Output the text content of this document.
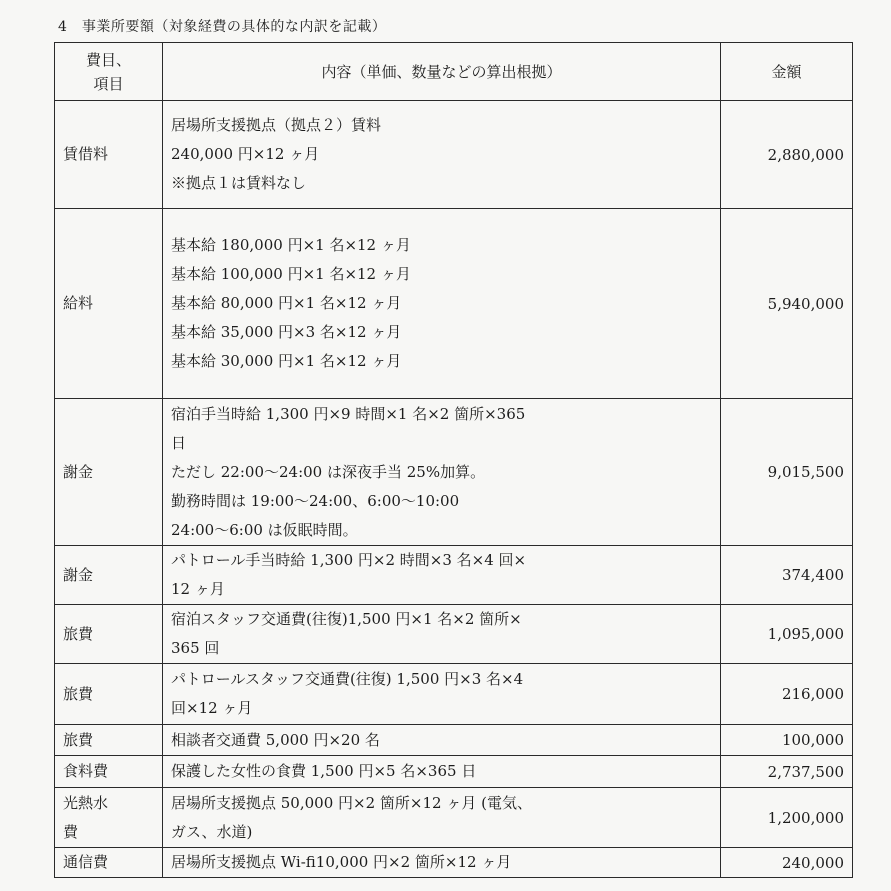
4　事業所要額（対象経費の具体的な内訳を記載）
費目、
項目	内容（単価、数量などの算出根拠）	金額

賃借料	居場所支援拠点（拠点２）賃料
240,000 円×12 ヶ月
※拠点１は賃料なし	2,880,000

給料	基本給 180,000 円×1 名×12 ヶ月
基本給 100,000 円×1 名×12 ヶ月
基本給 80,000 円×1 名×12 ヶ月
基本給 35,000 円×3 名×12 ヶ月
基本給 30,000 円×1 名×12 ヶ月	5,940,000

謝金	宿泊手当時給 1,300 円×9 時間×1 名×2 箇所×365
日
ただし 22:00～24:00 は深夜手当 25%加算。
勤務時間は 19:00～24:00、6:00～10:00
24:00～6:00 は仮眠時間。	9,015,500

謝金	パトロール手当時給 1,300 円×2 時間×3 名×4 回×
12 ヶ月	374,400

旅費	宿泊スタッフ交通費(往復)1,500 円×1 名×2 箇所×
365 回	1,095,000

旅費	パトロールスタッフ交通費(往復) 1,500 円×3 名×4
回×12 ヶ月	216,000

旅費	相談者交通費 5,000 円×20 名	100,000

食料費	保護した女性の食費 1,500 円×5 名×365 日	2,737,500

光熱水
費	居場所支援拠点 50,000 円×2 箇所×12 ヶ月 (電気、
ガス、水道)	1,200,000

通信費	居場所支援拠点 Wi-fi10,000 円×2 箇所×12 ヶ月	240,000
